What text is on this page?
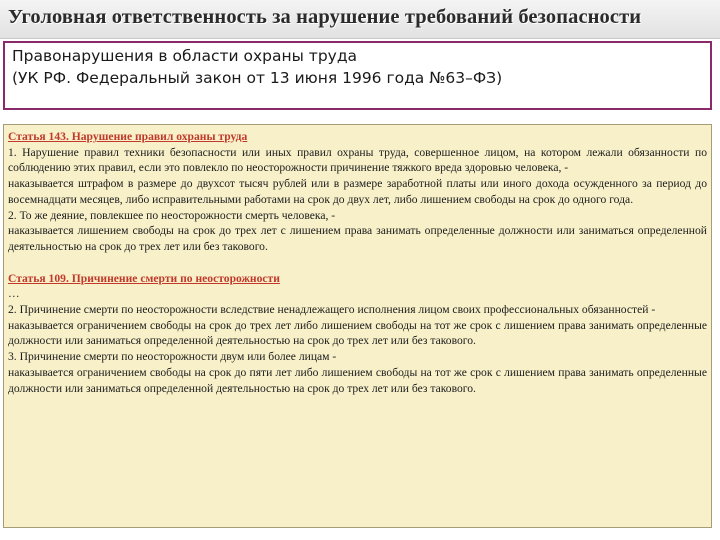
Уголовная ответственность за нарушение требований безопасности
Правонарушения в области охраны труда
(УК РФ. Федеральный закон от 13 июня 1996 года №63–ФЗ)

Статья 143. Нарушение правил охраны труда

1. Нарушение правил техники безопасности или иных правил охраны труда, совершенное лицом, на котором лежали обязанности по соблюдению этих правил, если это повлекло по неосторожности причинение тяжкого вреда здоровью человека, -

наказывается штрафом в размере до двухсот тысяч рублей или в размере заработной платы или иного дохода осужденного за период до восемнадцати месяцев, либо исправительными работами на срок до двух лет, либо лишением свободы на срок до одного года.

2. То же деяние, повлекшее по неосторожности смерть человека, -

наказывается лишением свободы на срок до трех лет с лишением права занимать определенные должности или заниматься определенной деятельностью на срок до трех лет или без такового.

Статья 109. Причинение смерти по неосторожности

…

2. Причинение смерти по неосторожности вследствие ненадлежащего исполнения лицом своих профессиональных обязанностей -

наказывается ограничением свободы на срок до трех лет либо лишением свободы на тот же срок с лишением права занимать определенные должности или заниматься определенной деятельностью на срок до трех лет или без такового.

3. Причинение смерти по неосторожности двум или более лицам -

наказывается ограничением свободы на срок до пяти лет либо лишением свободы на тот же срок с лишением права занимать определенные должности или заниматься определенной деятельностью на срок до трех лет или без такового.
